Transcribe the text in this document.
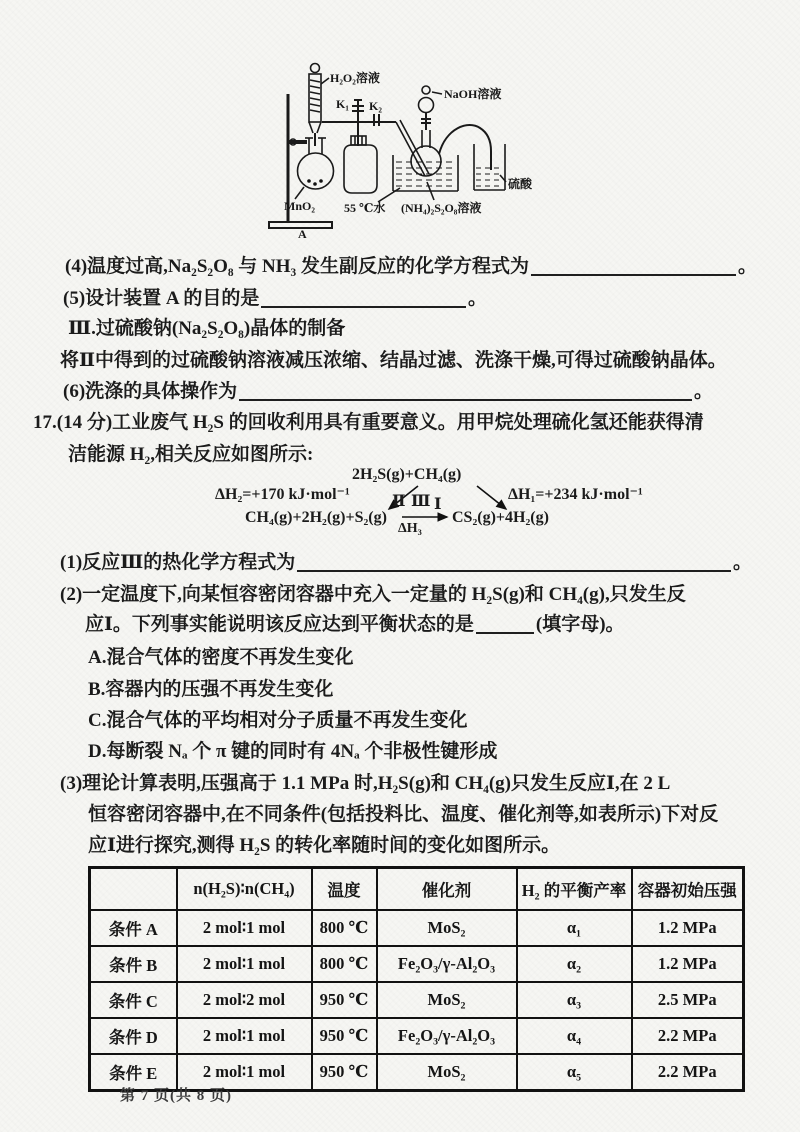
H₂O₂溶液
MnO₂
A
K₁ K₂
NaOH溶液
硫酸
55 ℃水 (NH₄)₂S₂O₈溶液
(4)温度过高,Na₂S₂O₈ 与 NH₃ 发生副反应的化学方程式为	。
(5)设计装置 A 的目的是	。
Ⅲ.过硫酸钠(Na₂S₂O₈)晶体的制备
将Ⅱ中得到的过硫酸钠溶液减压浓缩、结晶过滤、洗涤干燥,可得过硫酸钠晶体。
(6)洗涤的具体操作为	。
17.(14 分)工业废气 H₂S 的回收利用具有重要意义。用甲烷处理硫化氢还能获得清
洁能源 H₂,相关反应如图所示:
2H₂S(g)+CH₄(g)
ΔH₂=+170 kJ·mol⁻¹	ΔH₁=+234 kJ·mol⁻¹
Ⅱ Ⅰ
Ⅲ
CH₄(g)+2H₂(g)+S₂(g)
ΔH₃
CS₂(g)+4H₂(g)
(1)反应Ⅲ的热化学方程式为	。
(2)一定温度下,向某恒容密闭容器中充入一定量的 H₂S(g)和 CH₄(g),只发生反
应Ⅰ。下列事实能说明该反应达到平衡状态的是	(填字母)。
A.混合气体的密度不再发生变化
B.容器内的压强不再发生变化
C.混合气体的平均相对分子质量不再发生变化
D.每断裂 Nₐ 个 π 键的同时有 4Nₐ 个非极性键形成
(3)理论计算表明,压强高于 1.1 MPa 时,H₂S(g)和 CH₄(g)只发生反应Ⅰ,在 2 L
恒容密闭容器中,在不同条件(包括投料比、温度、催化剂等,如表所示)下对反
应Ⅰ进行探究,测得 H₂S 的转化率随时间的变化如图所示。
	n(H₂S)∶n(CH₄)	温度	催化剂	H₂ 的平衡产率	容器初始压强
条件 A	2 mol∶1 mol	800 ℃	MoS₂	α₁	1.2 MPa
条件 B	2 mol∶1 mol	800 ℃	Fe₂O₃/γ-Al₂O₃	α₂	1.2 MPa
条件 C	2 mol∶2 mol	950 ℃	MoS₂	α₃	2.5 MPa
条件 D	2 mol∶1 mol	950 ℃	Fe₂O₃/γ-Al₂O₃	α₄	2.2 MPa
条件 E	2 mol∶1 mol	950 ℃	MoS₂	α₅	2.2 MPa
第 7 页(共 8 页)
